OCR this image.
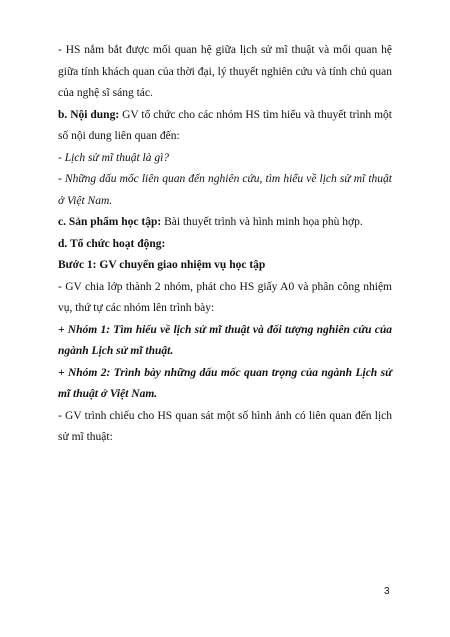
- HS nắm bắt được mối quan hệ giữa lịch sử mĩ thuật và mối quan hệ giữa tính khách quan của thời đại, lý thuyết nghiên cứu và tính chủ quan của nghệ sĩ sáng tác.

b. Nội dung: GV tổ chức cho các nhóm HS tìm hiểu và thuyết trình một số nội dung liên quan đến:

- Lịch sử mĩ thuật là gì?

- Những dấu mốc liên quan đến nghiên cứu, tìm hiểu về lịch sử mĩ thuật ở Việt Nam.

c. Sản phẩm học tập: Bài thuyết trình và hình minh họa phù hợp.

d. Tổ chức hoạt động:

Bước 1: GV chuyển giao nhiệm vụ học tập

- GV chia lớp thành 2 nhóm, phát cho HS giấy A0 và phân công nhiệm vụ, thứ tự các nhóm lên trình bày:

+ Nhóm 1: Tìm hiểu về lịch sử mĩ thuật và đối tượng nghiên cứu của ngành Lịch sử mĩ thuật.

+ Nhóm 2: Trình bày những dấu mốc quan trọng của ngành Lịch sử mĩ thuật ở Việt Nam.

- GV trình chiếu cho HS quan sát một số hình ảnh có liên quan đến lịch sử mĩ thuật:

3
